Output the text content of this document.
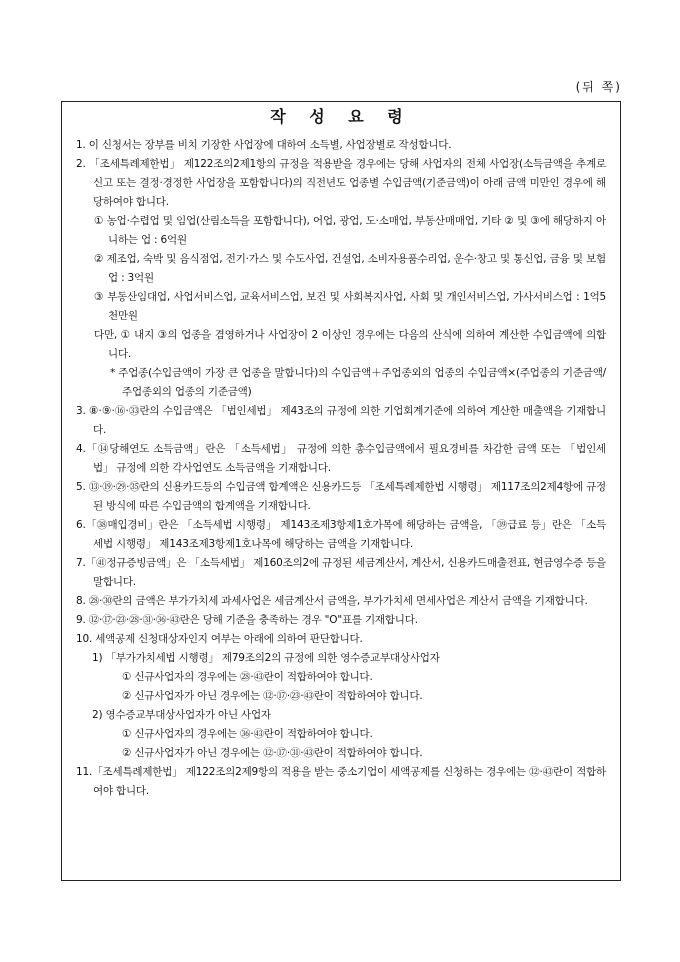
(뒤 쪽)
작 성 요 령
1. 이 신청서는 장부를 비치 기장한 사업장에 대하여 소득별, 사업장별로 작성합니다.
2. 「조세특례제한법」 제122조의2제1항의 규정을 적용받을 경우에는 당해 사업자의 전체 사업장(소득금액을 추계로 신고 또는 결정·경정한 사업장을 포함합니다)의 직전년도 업종별 수입금액(기준금액)이 아래 금액 미만인 경우에 해당하여야 합니다.
① 농업·수렵업 및 임업(산림소득을 포함합니다), 어업, 광업, 도·소매업, 부동산매매업, 기타 ② 및 ③에 해당하지 아니하는 업 : 6억원
② 제조업, 숙박 및 음식점업, 전기·가스 및 수도사업, 건설업, 소비자용품수리업, 운수·창고 및 통신업, 금융 및 보험업 : 3억원
③ 부동산임대업, 사업서비스업, 교육서비스업, 보건 및 사회복지사업, 사회 및 개인서비스업, 가사서비스업 : 1억5천만원
다만, ① 내지 ③의 업종을 겸영하거나 사업장이 2 이상인 경우에는 다음의 산식에 의하여 계산한 수입금액에 의합니다.
* 주업종(수입금액이 가장 큰 업종을 말합니다)의 수입금액＋주업종외의 업종의 수입금액×(주업종의 기준금액/주업종외의 업종의 기준금액)
3. ⑧·⑨·⑯·㉝란의 수입금액은 「법인세법」 제43조의 규정에 의한 기업회계기준에 의하여 계산한 매출액을 기재합니다.
4.「⑭당해연도 소득금액」란은 「소득세법」 규정에 의한 총수입금액에서 필요경비를 차감한 금액 또는 「법인세법」 규정에 의한 각사업연도 소득금액을 기재합니다.
5. ⑬·⑲·㉙·㉟란의 신용카드등의 수입금액 합계액은 신용카드등 「조세특례제한법 시행령」 제117조의2제4항에 규정된 방식에 따른 수입금액의 합계액을 기재합니다.
6.「㊳매입경비」란은 「소득세법 시행령」 제143조제3항제1호가목에 해당하는 금액을, 「㊴급료 등」란은 「소득세법 시행령」 제143조제3항제1호나목에 해당하는 금액을 기재합니다.
7.「㊶정규증빙금액」은 「소득세법」 제160조의2에 규정된 세금계산서, 계산서, 신용카드매출전표, 현금영수증 등을 말합니다.
8. ㉘·㉚란의 금액은 부가가치세 과세사업은 세금계산서 금액을, 부가가치세 면세사업은 계산서 금액을 기재합니다.
9. ⑫·⑰·㉓·㉘·㉛·㊱·㊸란은 당해 기준을 충족하는 경우 "O"표를 기재합니다.
10. 세액공제 신청대상자인지 여부는 아래에 의하여 판단합니다.
1) 「부가가치세법 시행령」 제79조의2의 규정에 의한 영수증교부대상사업자
① 신규사업자의 경우에는 ㉘·㊸란이 적합하여야 합니다.
② 신규사업자가 아닌 경우에는 ⑫·⑰·㉓·㊸란이 적합하여야 합니다.
2) 영수증교부대상사업자가 아닌 사업자
① 신규사업자의 경우에는 ㊱·㊸란이 적합하여야 합니다.
② 신규사업자가 아닌 경우에는 ⑫·⑰·㉛·㊸란이 적합하여야 합니다.
11.「조세특례제한법」 제122조의2제9항의 적용을 받는 중소기업이 세액공제를 신청하는 경우에는 ⑫·㊸란이 적합하여야 합니다.
